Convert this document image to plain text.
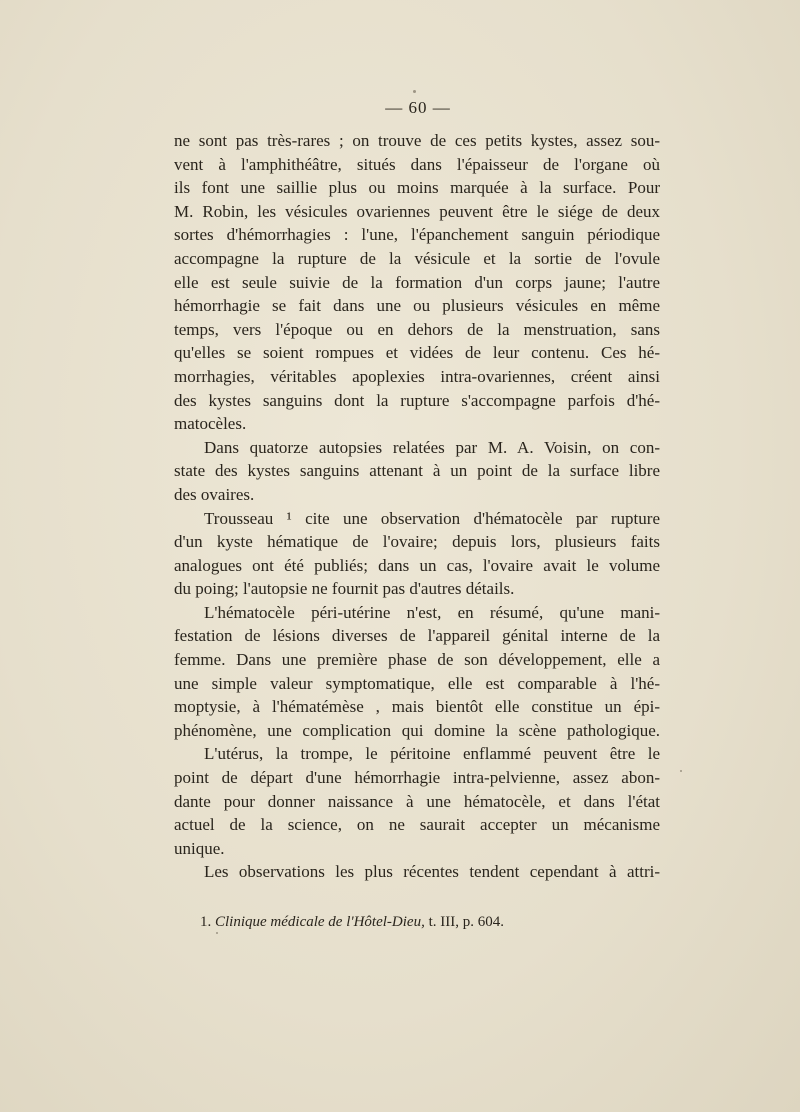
— 60 —
ne sont pas très-rares ; on trouve de ces petits kystes, assez sou-
vent à l'amphithéâtre, situés dans l'épaisseur de l'organe où
ils font une saillie plus ou moins marquée à la surface. Pour
M. Robin, les vésicules ovariennes peuvent être le siége de deux
sortes d'hémorrhagies : l'une, l'épanchement sanguin périodique
accompagne la rupture de la vésicule et la sortie de l'ovule
elle est seule suivie de la formation d'un corps jaune; l'autre
hémorrhagie se fait dans une ou plusieurs vésicules en même
temps, vers l'époque ou en dehors de la menstruation, sans
qu'elles se soient rompues et vidées de leur contenu. Ces hé-
morrhagies, véritables apoplexies intra-ovariennes, créent ainsi
des kystes sanguins dont la rupture s'accompagne parfois d'hé-
matocèles.
Dans quatorze autopsies relatées par M. A. Voisin, on con-
state des kystes sanguins attenant à un point de la surface libre
des ovaires.
Trousseau ¹ cite une observation d'hématocèle par rupture
d'un kyste hématique de l'ovaire; depuis lors, plusieurs faits
analogues ont été publiés; dans un cas, l'ovaire avait le volume
du poing; l'autopsie ne fournit pas d'autres détails.
L'hématocèle péri-utérine n'est, en résumé, qu'une mani-
festation de lésions diverses de l'appareil génital interne de la
femme. Dans une première phase de son développement, elle a
une simple valeur symptomatique, elle est comparable à l'hé-
moptysie, à l'hématémèse , mais bientôt elle constitue un épi-
phénomène, une complication qui domine la scène pathologique.
L'utérus, la trompe, le péritoine enflammé peuvent être le
point de départ d'une hémorrhagie intra-pelvienne, assez abon-
dante pour donner naissance à une hématocèle, et dans l'état
actuel de la science, on ne saurait accepter un mécanisme
unique.
Les observations les plus récentes tendent cependant à attri-
1. Clinique médicale de l'Hôtel-Dieu, t. III, p. 604.
